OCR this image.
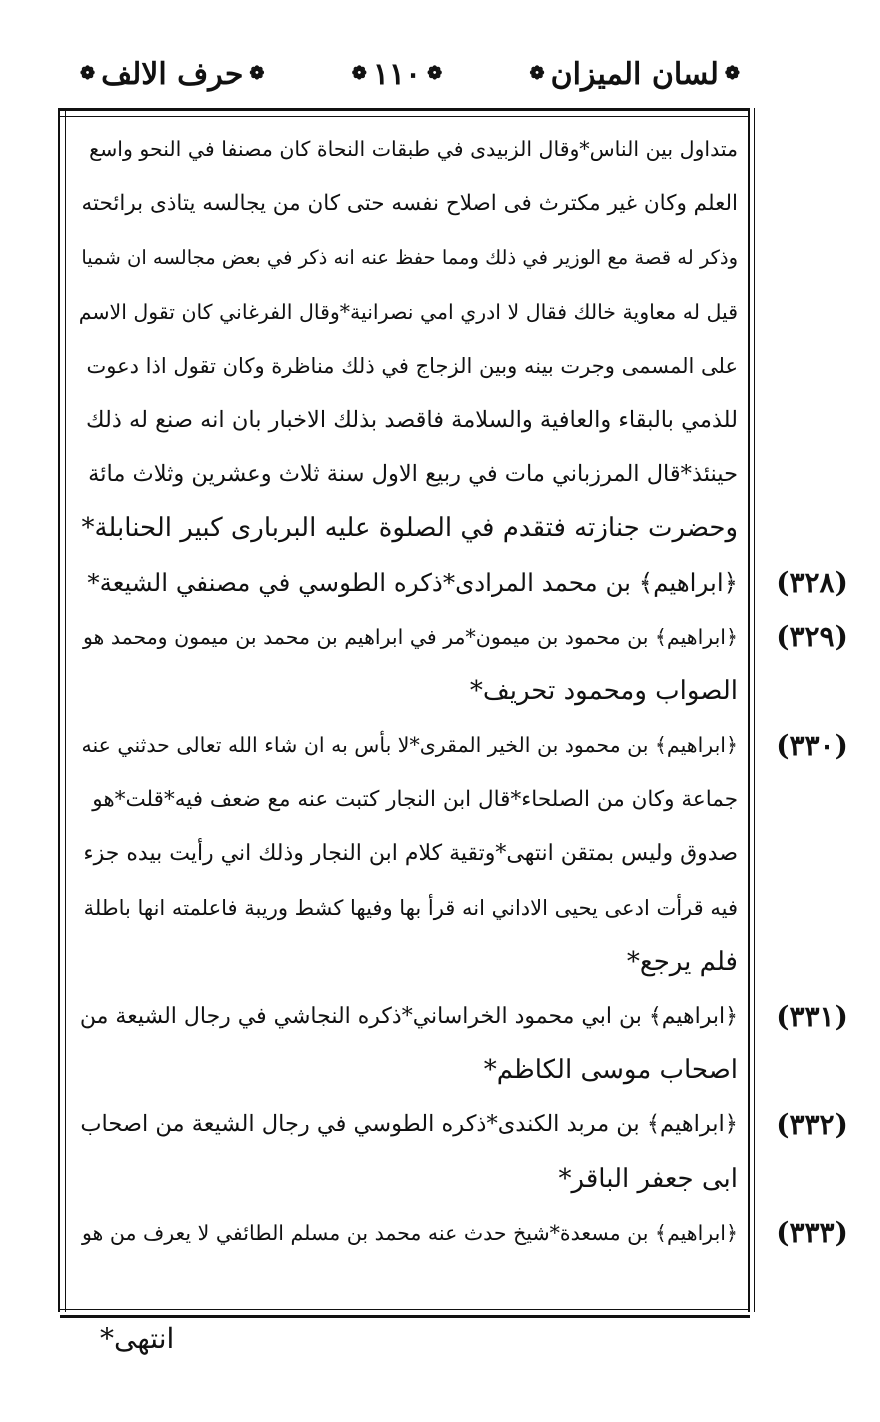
❁
لسان الميزان
❁
❁
١١٠
❁
❁
حرف الالف
❁
متداول بين الناس*وقال الزبيدى في طبقات النحاة كان مصنفا في النحو واسع
العلم وكان غير مكترث فى اصلاح نفسه حتى كان من يجالسه يتاذى برائحته
وذكر له قصة مع الوزير في ذلك ومما حفظ عنه انه ذكر في بعض مجالسه ان شميا
قيل له معاوية خالك فقال لا ادري امي نصرانية*وقال الفرغاني كان تقول الاسم
على المسمى وجرت بينه وبين الزجاج في ذلك مناظرة وكان تقول اذا دعوت
للذمي بالبقاء والعافية والسلامة فاقصد بذلك الاخبار بان انه صنع له ذلك
حينئذ*قال المرزباني مات في ربيع الاول سنة ثلاث وعشرين وثلاث مائة
وحضرت جنازته فتقدم في الصلوة عليه البربارى كبير الحنابلة*
﴿ابراهيم﴾ بن محمد المرادى*ذكره الطوسي في مصنفي الشيعة*
﴿ابراهيم﴾ بن محمود بن ميمون*مر في ابراهيم بن محمد بن ميمون ومحمد هو
الصواب ومحمود تحريف*
﴿ابراهيم﴾ بن محمود بن الخير المقرى*لا بأس به ان شاء الله تعالى حدثني عنه
جماعة وكان من الصلحاء*قال ابن النجار كتبت عنه مع ضعف فيه*قلت*هو
صدوق وليس بمتقن انتهى*وتقية كلام ابن النجار وذلك اني رأيت بيده جزء
فيه قرأت ادعى يحيى الاداني انه قرأ بها وفيها كشط وريبة فاعلمته انها باطلة
فلم يرجع*
﴿ابراهيم﴾ بن ابي محمود الخراساني*ذكره النجاشي في رجال الشيعة من
اصحاب موسى الكاظم*
﴿ابراهيم﴾ بن مربد الكندى*ذكره الطوسي في رجال الشيعة من اصحاب
ابى جعفر الباقر*
﴿ابراهيم﴾ بن مسعدة*شيخ حدث عنه محمد بن مسلم الطائفي لا يعرف من هو
(٣٢٨)
(٣٢٩)
(٣٣٠)
(٣٣١)
(٣٣٢)
(٣٣٣)
انتهى*
